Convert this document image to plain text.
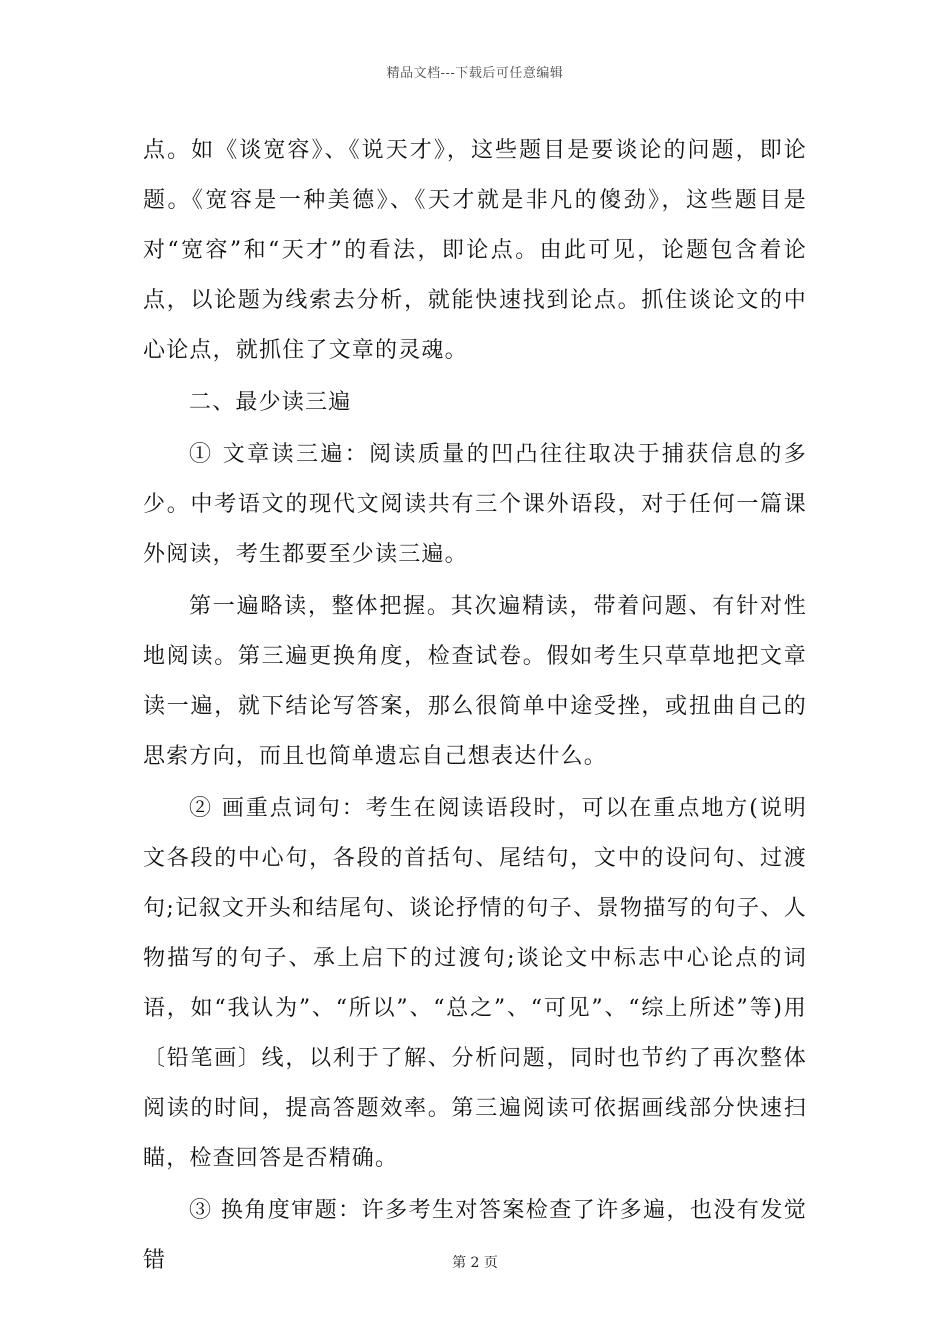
精品文档---下载后可任意编辑

点。如《谈宽容》、《说天才》，这些题目是要谈论的问题，即论题。《宽容是一种美德》、《天才就是非凡的傻劲》，这些题目是对“宽容”和“天才”的看法，即论点。由此可见，论题包含着论点，以论题为线索去分析，就能快速找到论点。抓住谈论文的中心论点，就抓住了文章的灵魂。

二、最少读三遍

① 文章读三遍：阅读质量的凹凸往往取决于捕获信息的多少。中考语文的现代文阅读共有三个课外语段，对于任何一篇课外阅读，考生都要至少读三遍。

第一遍略读，整体把握。其次遍精读，带着问题、有针对性地阅读。第三遍更换角度，检查试卷。假如考生只草草地把文章读一遍，就下结论写答案，那么很简单中途受挫，或扭曲自己的思索方向，而且也简单遗忘自己想表达什么。

② 画重点词句：考生在阅读语段时，可以在重点地方(说明文各段的中心句，各段的首括句、尾结句，文中的设问句、过渡句;记叙文开头和结尾句、谈论抒情的句子、景物描写的句子、人物描写的句子、承上启下的过渡句;谈论文中标志中心论点的词语，如“我认为”、“所以”、“总之”、“可见”、“综上所述”等)用〔铅笔画〕线，以利于了解、分析问题，同时也节约了再次整体阅读的时间，提高答题效率。第三遍阅读可依据画线部分快速扫瞄，检查回答是否精确。

③ 换角度审题：许多考生对答案检查了许多遍，也没有发觉错	第 2 页
